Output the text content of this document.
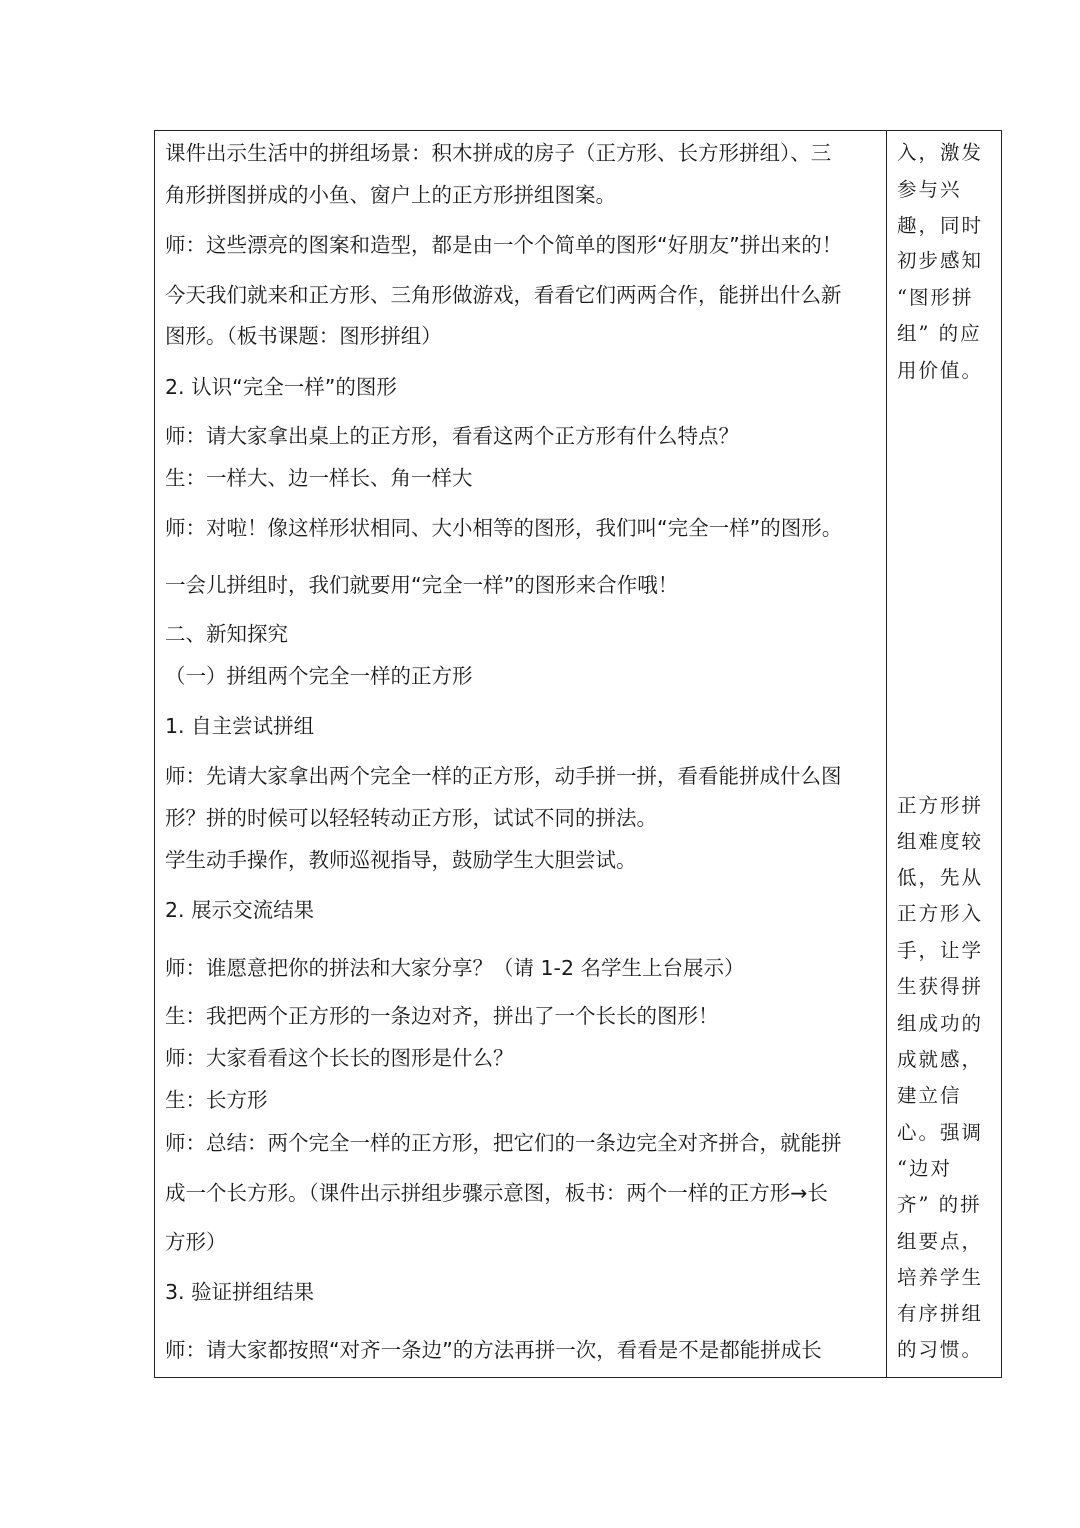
课件出示生活中的拼组场景：积木拼成的房子（正方形、长方形拼组）、三
角形拼图拼成的小鱼、窗户上的正方形拼组图案。
师：这些漂亮的图案和造型，都是由一个个简单的图形“好朋友”拼出来的！
今天我们就来和正方形、三角形做游戏，看看它们两两合作，能拼出什么新
图形。（板书课题：图形拼组）
2. 认识“完全一样”的图形
师：请大家拿出桌上的正方形，看看这两个正方形有什么特点？
生：一样大、边一样长、角一样大
师：对啦！像这样形状相同、大小相等的图形，我们叫“完全一样”的图形。
一会儿拼组时，我们就要用“完全一样”的图形来合作哦！
二、新知探究
（一）拼组两个完全一样的正方形
1. 自主尝试拼组
师：先请大家拿出两个完全一样的正方形，动手拼一拼，看看能拼成什么图
形？拼的时候可以轻轻转动正方形，试试不同的拼法。
学生动手操作，教师巡视指导，鼓励学生大胆尝试。
2. 展示交流结果
师：谁愿意把你的拼法和大家分享？（请 1-2 名学生上台展示）
生：我把两个正方形的一条边对齐，拼出了一个长长的图形！
师：大家看看这个长长的图形是什么？
生：长方形
师：总结：两个完全一样的正方形，把它们的一条边完全对齐拼合，就能拼
成一个长方形。（课件出示拼组步骤示意图，板书：两个一样的正方形→长
方形）
3. 验证拼组结果
师：请大家都按照“对齐一条边”的方法再拼一次，看看是不是都能拼成长
入，激发
参与兴
趣，同时
初步感知
“图形拼
组” 的应
用价值。
正方形拼
组难度较
低，先从
正方形入
手，让学
生获得拼
组成功的
成就感，
建立信
心。强调
“边对
齐” 的拼
组要点，
培养学生
有序拼组
的习惯。
